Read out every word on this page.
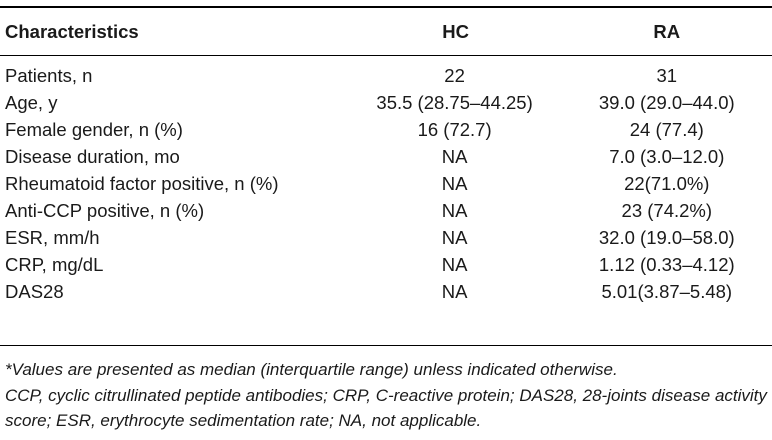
Characteristics	HC	RA
Patients, n	22	31
Age, y	35.5 (28.75–44.25)	39.0 (29.0–44.0)
Female gender, n (%)	16 (72.7)	24 (77.4)
Disease duration, mo	NA	7.0 (3.0–12.0)
Rheumatoid factor positive, n (%)	NA	22(71.0%)
Anti-CCP positive, n (%)	NA	23 (74.2%)
ESR, mm/h	NA	32.0 (19.0–58.0)
CRP, mg/dL	NA	1.12 (0.33–4.12)
DAS28	NA	5.01(3.87–5.48)

*Values are presented as median (interquartile range) unless indicated otherwise.

CCP, cyclic citrullinated peptide antibodies; CRP, C-reactive protein; DAS28, 28-joints disease activity score; ESR, erythrocyte sedimentation rate; NA, not applicable.
